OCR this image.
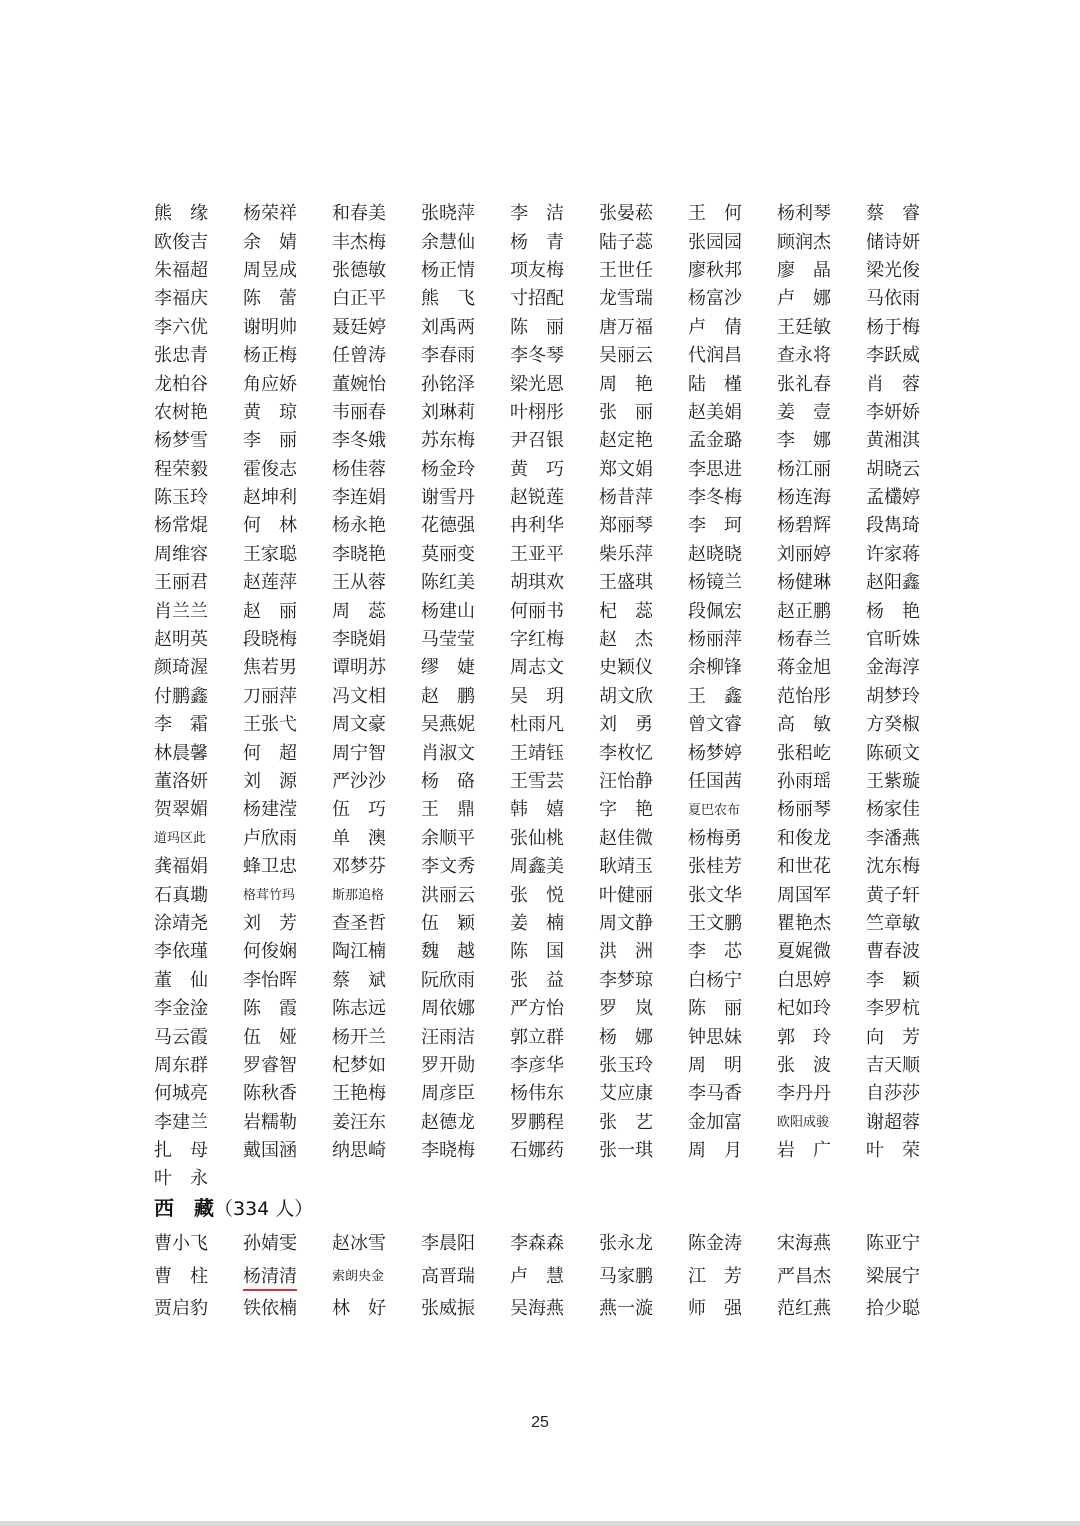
熊　缘	杨荣祥	和春美	张晓萍	李　洁	张晏菘	王　何	杨利琴	蔡　睿
欧俊吉	余　婧	丰杰梅	余慧仙	杨　青	陆子蕊	张园园	顾润杰	储诗妍
朱福超	周昱成	张德敏	杨正情	项友梅	王世任	廖秋邦	廖　晶	梁光俊
李福庆	陈　蕾	白正平	熊　飞	寸招配	龙雪瑞	杨富沙	卢　娜	马依雨
李六优	谢明帅	聂廷婷	刘禹两	陈　丽	唐万福	卢　倩	王廷敏	杨于梅
张忠青	杨正梅	任曾涛	李春雨	李冬琴	吴丽云	代润昌	查永将	李跃威
龙柏谷	角应娇	董婉怡	孙铭泽	梁光恩	周　艳	陆　槿	张礼春	肖　蓉
农树艳	黄　琼	韦丽春	刘琳莉	叶栩彤	张　丽	赵美娟	姜　壹	李妍娇
杨梦雪	李　丽	李冬娥	苏东梅	尹召银	赵定艳	孟金璐	李　娜	黄湘淇
程荣毅	霍俊志	杨佳蓉	杨金玲	黄　巧	郑文娟	李思进	杨江丽	胡晓云
陈玉玲	赵坤利	李连娟	谢雪丹	赵锐莲	杨昔萍	李冬梅	杨连海	孟欉婷
杨常焜	何　林	杨永艳	花德强	冉利华	郑丽琴	李　珂	杨碧辉	段雋琦
周维容	王家聪	李晓艳	莫丽变	王亚平	柴乐萍	赵晓晓	刘丽婷	许家蒋
王丽君	赵莲萍	王从蓉	陈红美	胡琪欢	王盛琪	杨镜兰	杨健琳	赵阳鑫
肖兰兰	赵　丽	周　蕊	杨建山	何丽书	杞　蕊	段佩宏	赵正鹏	杨　艳
赵明英	段晓梅	李晓娟	马莹莹	字红梅	赵　杰	杨丽萍	杨春兰	官昕姝
颜琦渥	焦若男	谭明苏	缪　婕	周志文	史颖仪	余柳锋	蒋金旭	金海淳
付鹏鑫	刀丽萍	冯文相	赵　鹏	吴　玥	胡文欣	王　鑫	范怡彤	胡梦玲
李　霜	王张弋	周文豪	吴燕妮	杜雨凡	刘　勇	曾文睿	高　敏	方癸椒
林晨馨	何　超	周宁智	肖淑文	王靖钰	李枚忆	杨梦婷	张稆屹	陈硕文
董洛妍	刘　源	严沙沙	杨　硌	王雪芸	汪怡静	任国茜	孙雨瑶	王紫璇
贺翠媚	杨建滢	伍　巧	王　鼎	韩　嬉	字　艳	夏巴农布	杨丽琴	杨家佳
道玛区此	卢欣雨	单　澳	余顺平	张仙桃	赵佳微	杨梅勇	和俊龙	李潘燕
龚福娟	蜂卫忠	邓梦芬	李文秀	周鑫美	耿靖玉	张桂芳	和世花	沈东梅
石真墈	格茸竹玛	斯那追格	洪丽云	张　悦	叶健丽	张文华	周国军	黄子轩
涂靖尧	刘　芳	查圣哲	伍　颖	姜　楠	周文静	王文鹏	瞿艳杰	竺章敏
李依瑾	何俊娴	陶江楠	魏　越	陈　国	洪　洲	李　芯	夏娓微	曹春波
董　仙	李怡晖	蔡　斌	阮欣雨	张　益	李梦琼	白杨宁	白思婷	李　颖
李金淦	陈　霞	陈志远	周依娜	严方怡	罗　岚	陈　丽	杞如玲	李罗杭
马云霞	伍　娅	杨开兰	汪雨洁	郭立群	杨　娜	钟思妹	郭　玲	向　芳
周东群	罗睿智	杞梦如	罗开勋	李彦华	张玉玲	周　明	张　波	吉天顺
何城亮	陈秋香	王艳梅	周彦臣	杨伟东	艾应康	李马香	李丹丹	自莎莎
李建兰	岩糯勒	姜汪东	赵德龙	罗鹏程	张　艺	金加富	欧阳成骏	谢超蓉
扎　母	戴国涵	纳思崎	李晓梅	石娜药	张一琪	周　月	岩　广	叶　荣
叶　永
西　藏（334 人）
曹小飞	孙婧雯	赵冰雪	李晨阳	李森森	张永龙	陈金涛	宋海燕	陈亚宁
曹　柱	杨清清	索朗央金	高晋瑞	卢　慧	马家鹏	江　芳	严昌杰	梁展宁
贾启豹	铁依楠	林　好	张威振	吴海燕	燕一漩	师　强	范红燕	拾少聪
25
